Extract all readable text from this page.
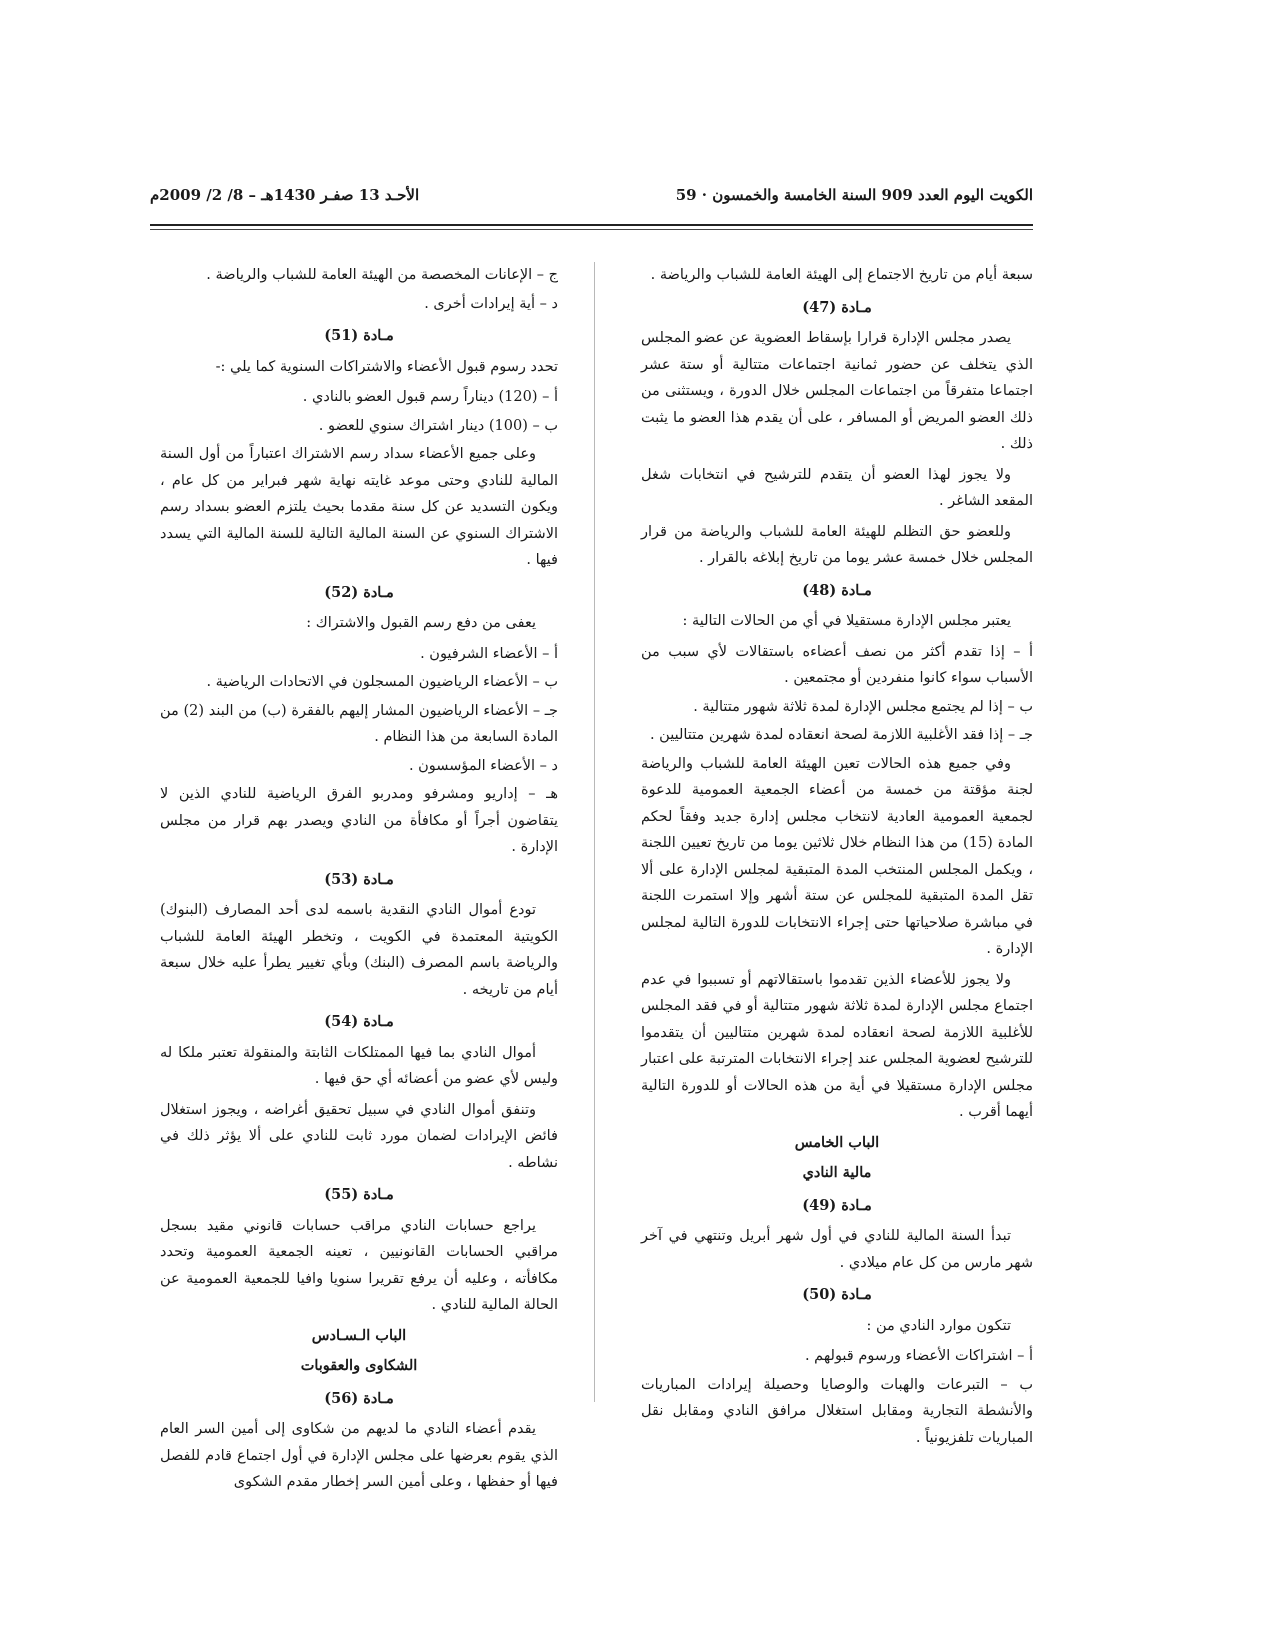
الكويت اليوم العدد 909 السنة الخامسة والخمسون · 59
الأحـد 13 صفـر 1430هـ – 8/ 2/ 2009م

سبعة أيام من تاريخ الاجتماع إلى الهيئة العامة للشباب والرياضة .

مـادة (47)

يصدر مجلس الإدارة قرارا بإسقاط العضوية عن عضو المجلس الذي يتخلف عن حضور ثمانية اجتماعات متتالية أو ستة عشر اجتماعا متفرقاً من اجتماعات المجلس خلال الدورة ، ويستثنى من ذلك العضو المريض أو المسافر ، على أن يقدم هذا العضو ما يثبت ذلك .

ولا يجوز لهذا العضو أن يتقدم للترشيح في انتخابات شغل المقعد الشاغر .

وللعضو حق التظلم للهيئة العامة للشباب والرياضة من قرار المجلس خلال خمسة عشر يوما من تاريخ إبلاغه بالقرار .

مـادة (48)

يعتبر مجلس الإدارة مستقيلا في أي من الحالات التالية :

أ – إذا تقدم أكثر من نصف أعضاءه باستقالات لأي سبب من الأسباب سواء كانوا منفردين أو مجتمعين .

ب – إذا لم يجتمع مجلس الإدارة لمدة ثلاثة شهور متتالية .

جـ – إذا فقد الأغلبية اللازمة لصحة انعقاده لمدة شهرين متتاليين .

وفي جميع هذه الحالات تعين الهيئة العامة للشباب والرياضة لجنة مؤقتة من خمسة من أعضاء الجمعية العمومية للدعوة لجمعية العمومية العادية لانتخاب مجلس إدارة جديد وفقاً لحكم المادة (15) من هذا النظام خلال ثلاثين يوما من تاريخ تعيين اللجنة ، ويكمل المجلس المنتخب المدة المتبقية لمجلس الإدارة على ألا تقل المدة المتبقية للمجلس عن ستة أشهر وإلا استمرت اللجنة في مباشرة صلاحياتها حتى إجراء الانتخابات للدورة التالية لمجلس الإدارة .

ولا يجوز للأعضاء الذين تقدموا باستقالاتهم أو تسببوا في عدم اجتماع مجلس الإدارة لمدة ثلاثة شهور متتالية أو في فقد المجلس للأغلبية اللازمة لصحة انعقاده لمدة شهرين متتاليين أن يتقدموا للترشيح لعضوية المجلس عند إجراء الانتخابات المترتبة على اعتبار مجلس الإدارة مستقيلا في أية من هذه الحالات أو للدورة التالية أيهما أقرب .

الباب الخامس
مالية النادي
مـادة (49)

تبدأ السنة المالية للنادي في أول شهر أبريل وتنتهي في آخر شهر مارس من كل عام ميلادي .

مـادة (50)

تتكون موارد النادي من :

أ – اشتراكات الأعضاء ورسوم قبولهم .

ب – التبرعات والهبات والوصايا وحصيلة إيرادات المباريات والأنشطة التجارية ومقابل استغلال مرافق النادي ومقابل نقل المباريات تلفزيونياً .

ج – الإعانات المخصصة من الهيئة العامة للشباب والرياضة .

د – أية إيرادات أخرى .

مـادة (51)

تحدد رسوم قبول الأعضاء والاشتراكات السنوية كما يلي :-

أ – (120) ديناراً رسم قبول العضو بالنادي .

ب – (100) دينار اشتراك سنوي للعضو .

وعلى جميع الأعضاء سداد رسم الاشتراك اعتباراً من أول السنة المالية للنادي وحتى موعد غايته نهاية شهر فبراير من كل عام ، ويكون التسديد عن كل سنة مقدما بحيث يلتزم العضو بسداد رسم الاشتراك السنوي عن السنة المالية التالية للسنة المالية التي يسدد فيها .

مـادة (52)

يعفى من دفع رسم القبول والاشتراك :

أ – الأعضاء الشرفيون .

ب – الأعضاء الرياضيون المسجلون في الاتحادات الرياضية .

جـ – الأعضاء الرياضيون المشار إليهم بالفقرة (ب) من البند (2) من المادة السابعة من هذا النظام .

د – الأعضاء المؤسسون .

هـ – إداريو ومشرفو ومدربو الفرق الرياضية للنادي الذين لا يتقاضون أجراً أو مكافأة من النادي ويصدر بهم قرار من مجلس الإدارة .

مـادة (53)

تودع أموال النادي النقدية باسمه لدى أحد المصارف (البنوك) الكويتية المعتمدة في الكويت ، وتخطر الهيئة العامة للشباب والرياضة باسم المصرف (البنك) وبأي تغيير يطرأ عليه خلال سبعة أيام من تاريخه .

مـادة (54)

أموال النادي بما فيها الممتلكات الثابتة والمنقولة تعتبر ملكا له وليس لأي عضو من أعضائه أي حق فيها .

وتنفق أموال النادي في سبيل تحقيق أغراضه ، ويجوز استغلال فائض الإيرادات لضمان مورد ثابت للنادي على ألا يؤثر ذلك في نشاطه .

مـادة (55)

يراجع حسابات النادي مراقب حسابات قانوني مقيد بسجل مراقبي الحسابات القانونيين ، تعينه الجمعية العمومية وتحدد مكافأته ، وعليه أن يرفع تقريرا سنويا وافيا للجمعية العمومية عن الحالة المالية للنادي .

الباب الـسـادس
الشكاوى والعقوبات
مـادة (56)

يقدم أعضاء النادي ما لديهم من شكاوى إلى أمين السر العام الذي يقوم بعرضها على مجلس الإدارة في أول اجتماع قادم للفصل فيها أو حفظها ، وعلى أمين السر إخطار مقدم الشكوى
